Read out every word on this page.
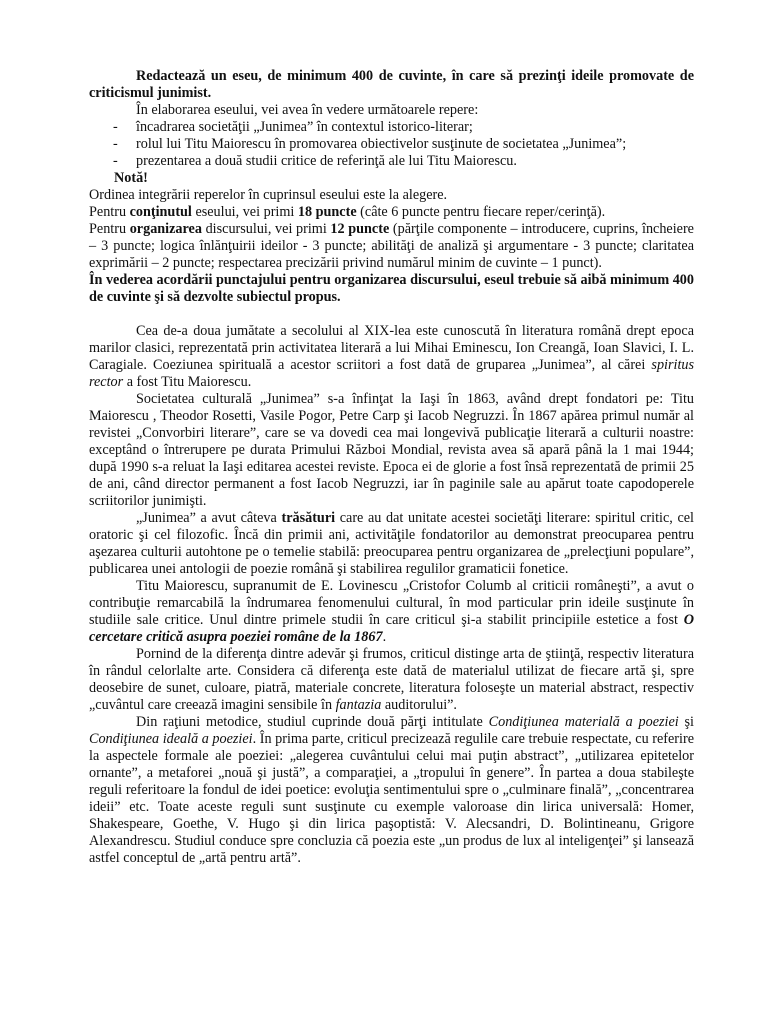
Redactează un eseu, de minimum 400 de cuvinte, în care să prezinţi ideile promovate de criticismul junimist.

În elaborarea eseului, vei avea în vedere următoarele repere:

- încadrarea societăţii „Junimea” în contextul istorico-literar;
- rolul lui Titu Maiorescu în promovarea obiectivelor susţinute de societatea „Junimea”;
- prezentarea a două studii critice de referinţă ale lui Titu Maiorescu.

Notă!

Ordinea integrării reperelor în cuprinsul eseului este la alegere.

Pentru conţinutul eseului, vei primi 18 puncte (câte 6 puncte pentru fiecare reper/cerinţă).

Pentru organizarea discursului, vei primi 12 puncte (părţile componente – introducere, cuprins, încheiere – 3 puncte; logica înlănţuirii ideilor - 3 puncte; abilităţi de analiză şi argumentare - 3 puncte; claritatea exprimării – 2 puncte; respectarea precizării privind numărul minim de cuvinte – 1 punct).

În vederea acordării punctajului pentru organizarea discursului, eseul trebuie să aibă minimum 400 de cuvinte şi să dezvolte subiectul propus.

Cea de-a doua jumătate a secolului al XIX-lea este cunoscută în literatura română drept epoca marilor clasici, reprezentată prin activitatea literară a lui Mihai Eminescu, Ion Creangă, Ioan Slavici, I. L. Caragiale. Coeziunea spirituală a acestor scriitori a fost dată de gruparea „Junimea”, al cărei spiritus rector a fost Titu Maiorescu.

Societatea culturală „Junimea” s-a înfinţat la Iaşi în 1863, având drept fondatori pe: Titu Maiorescu , Theodor Rosetti, Vasile Pogor, Petre Carp şi Iacob Negruzzi. În 1867 apărea primul număr al revistei „Convorbiri literare”, care se va dovedi cea mai longevivă publicaţie literară a culturii noastre: exceptând o întrerupere pe durata Primului Război Mondial, revista avea să apară până la 1 mai 1944; după 1990 s-a reluat la Iaşi editarea acestei reviste. Epoca ei de glorie a fost însă reprezentată de primii 25 de ani, când director permanent a fost Iacob Negruzzi, iar în paginile sale au apărut toate capodoperele scriitorilor junimişti.

„Junimea” a avut câteva trăsături care au dat unitate acestei societăţi literare: spiritul critic, cel oratoric şi cel filozofic. Încă din primii ani, activităţile fondatorilor au demonstrat preocuparea pentru aşezarea culturii autohtone pe o temelie stabilă: preocuparea pentru organizarea de „prelecţiuni populare”, publicarea unei antologii de poezie română şi stabilirea regulilor gramaticii fonetice.

Titu Maiorescu, supranumit de E. Lovinescu „Cristofor Columb al criticii româneşti”, a avut o contribuţie remarcabilă la îndrumarea fenomenului cultural, în mod particular prin ideile susţinute în studiile sale critice. Unul dintre primele studii în care criticul şi-a stabilit principiile estetice a fost O cercetare critică asupra poeziei române de la 1867.

Pornind de la diferenţa dintre adevăr şi frumos, criticul distinge arta de ştiinţă, respectiv literatura în rândul celorlalte arte. Considera că diferenţa este dată de materialul utilizat de fiecare artă şi, spre deosebire de sunet, culoare, piatră, materiale concrete, literatura foloseşte un material abstract, respectiv „cuvântul care creează imagini sensibile în fantazia auditorului”.

Din raţiuni metodice, studiul cuprinde două părţi intitulate Condiţiunea materială a poeziei şi Condiţiunea ideală a poeziei. În prima parte, criticul precizează regulile care trebuie respectate, cu referire la aspectele formale ale poeziei: „alegerea cuvântului celui mai puţin abstract”, „utilizarea epitetelor ornante”, a metaforei „nouă şi justă”, a comparaţiei, a „tropului în genere”. În partea a doua stabileşte reguli referitoare la fondul de idei poetice: evoluţia sentimentului spre o „culminare finală”, „concentrarea ideii” etc. Toate aceste reguli sunt susţinute cu exemple valoroase din lirica universală: Homer, Shakespeare, Goethe, V. Hugo şi din lirica paşoptistă: V. Alecsandri, D. Bolintineanu, Grigore Alexandrescu. Studiul conduce spre concluzia că poezia este „un produs de lux al inteligenţei” şi lansează astfel conceptul de „artă pentru artă”.
